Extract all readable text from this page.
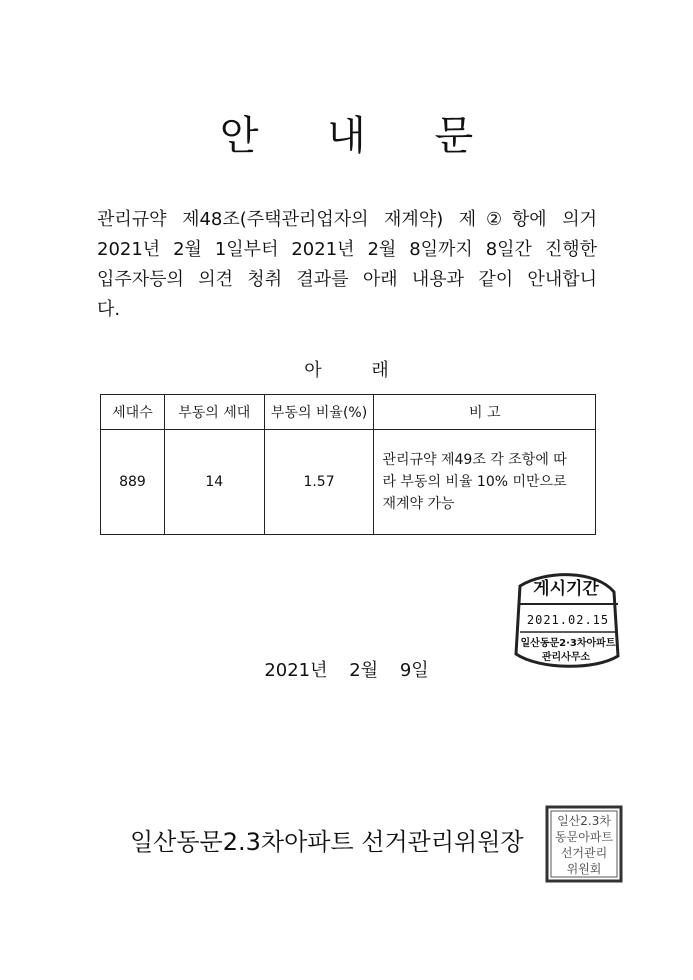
안 내 문
관리규약 제48조(주택관리업자의 재계약) 제②항에 의거
2021년 2월 1일부터 2021년 2월 8일까지 8일간 진행한
입주자등의 의견 청취 결과를 아래 내용과 같이 안내합니
다.
아 래
세대수	부동의 세대	부동의 비율(%)	비 고
889	14	1.57	관리규약 제49조 각 조항에 따
라 부동의 비율 10% 미만으로
재계약 가능
2021년 2월 9일
게시기간
2021.02.15
일산동문2·3차아파트
관리사무소
일산동문2.3차아파트 선거관리위원장
일산2.3차
동문아파트
선거관리
위원회
